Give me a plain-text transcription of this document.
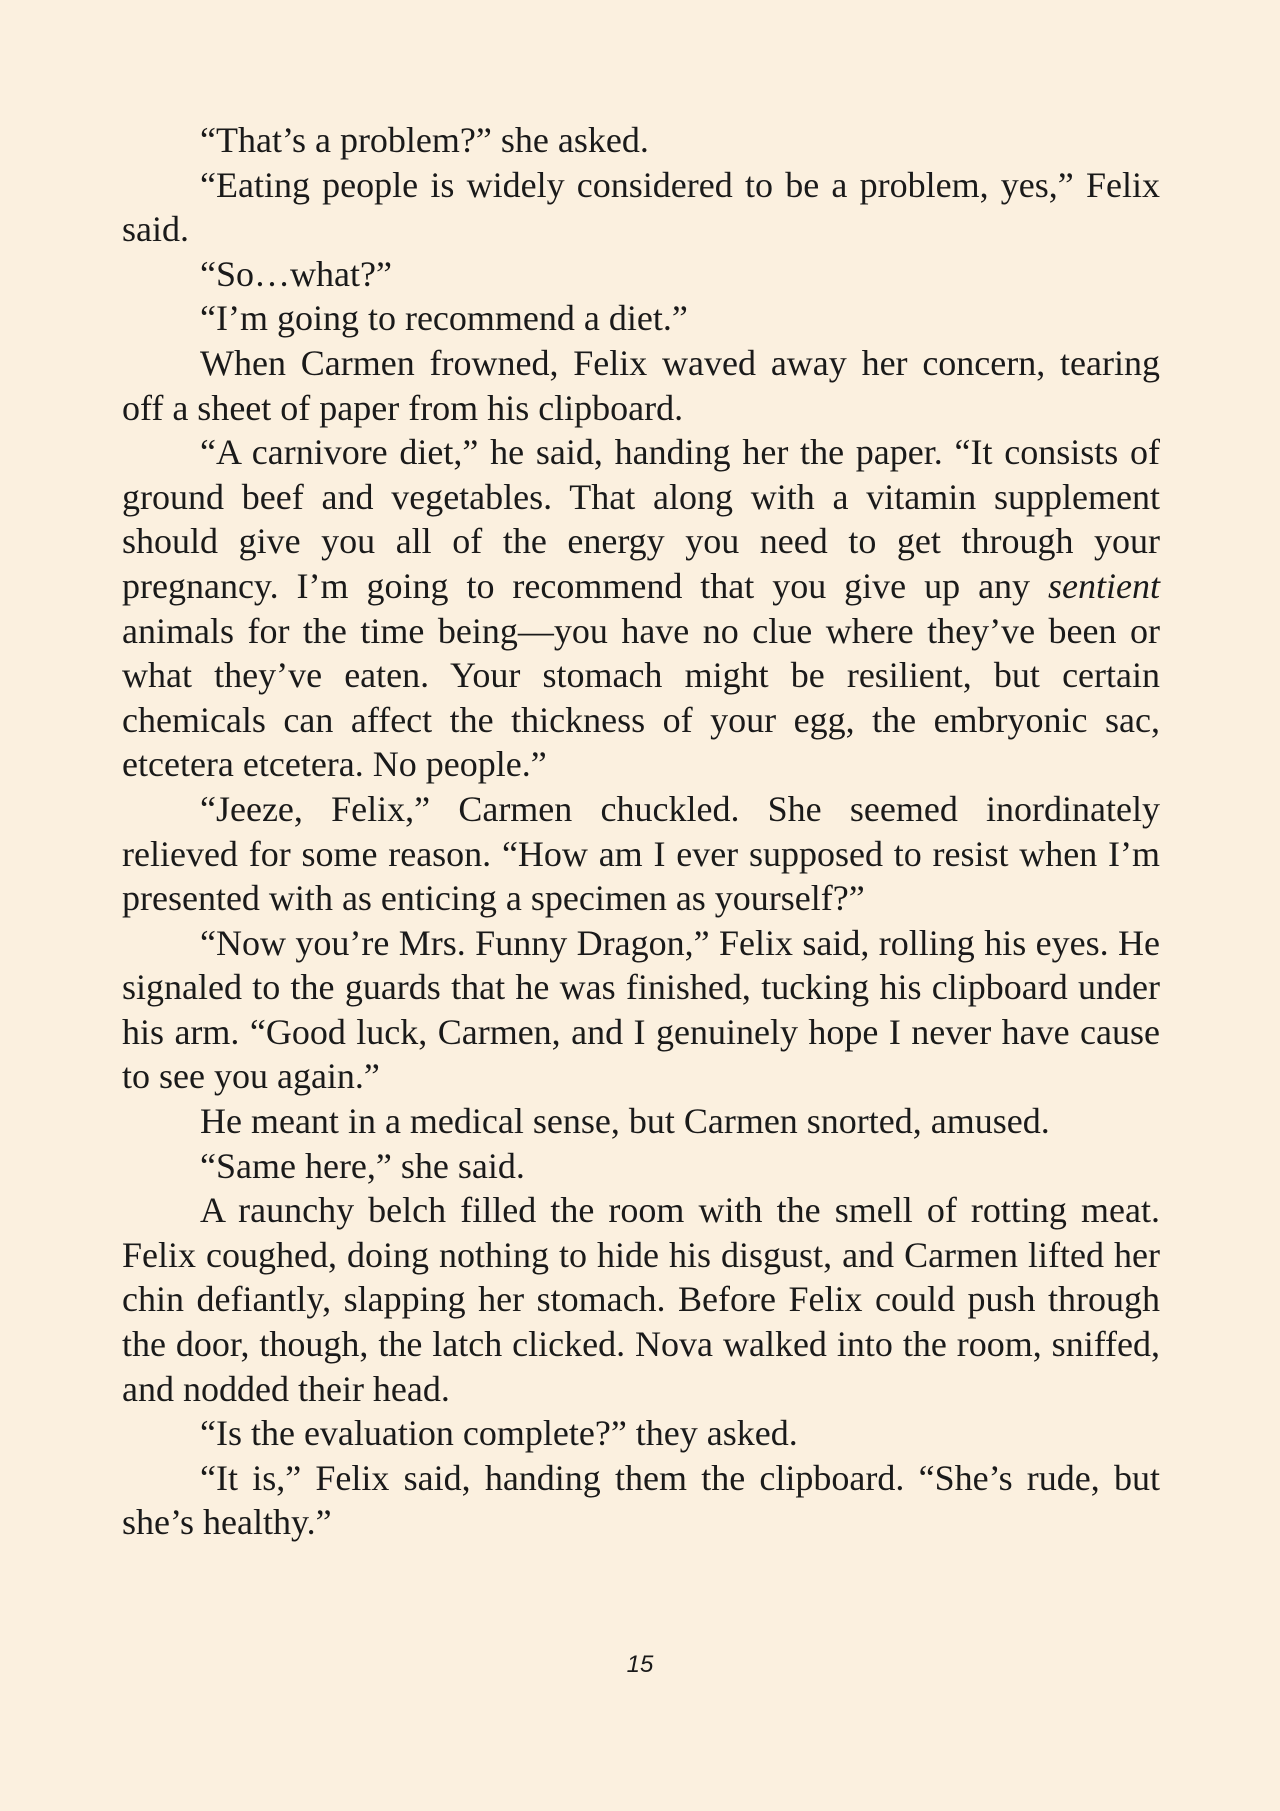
“That’s a problem?” she asked.

“Eating people is widely considered to be a problem, yes,” Felix said.

“So…what?”

“I’m going to recommend a diet.”

When Carmen frowned, Felix waved away her concern, tearing off a sheet of paper from his clipboard.

“A carnivore diet,” he said, handing her the paper. “It consists of ground beef and vegetables. That along with a vitamin supplement should give you all of the energy you need to get through your pregnancy. I’m going to recommend that you give up any sentient animals for the time being—you have no clue where they’ve been or what they’ve eaten. Your stomach might be resilient, but certain chemicals can affect the thickness of your egg, the embryonic sac, etcetera etcetera. No people.”

“Jeeze, Felix,” Carmen chuckled. She seemed inordinately relieved for some reason. “How am I ever supposed to resist when I’m presented with as enticing a specimen as yourself?”

“Now you’re Mrs. Funny Dragon,” Felix said, rolling his eyes. He signaled to the guards that he was finished, tucking his clipboard under his arm. “Good luck, Carmen, and I genuinely hope I never have cause to see you again.”

He meant in a medical sense, but Carmen snorted, amused.

“Same here,” she said.

A raunchy belch filled the room with the smell of rotting meat. Felix coughed, doing nothing to hide his disgust, and Carmen lifted her chin defiantly, slapping her stomach. Before Felix could push through the door, though, the latch clicked. Nova walked into the room, sniffed, and nodded their head.

“Is the evaluation complete?” they asked.

“It is,” Felix said, handing them the clipboard. “She’s rude, but she’s healthy.”

15
